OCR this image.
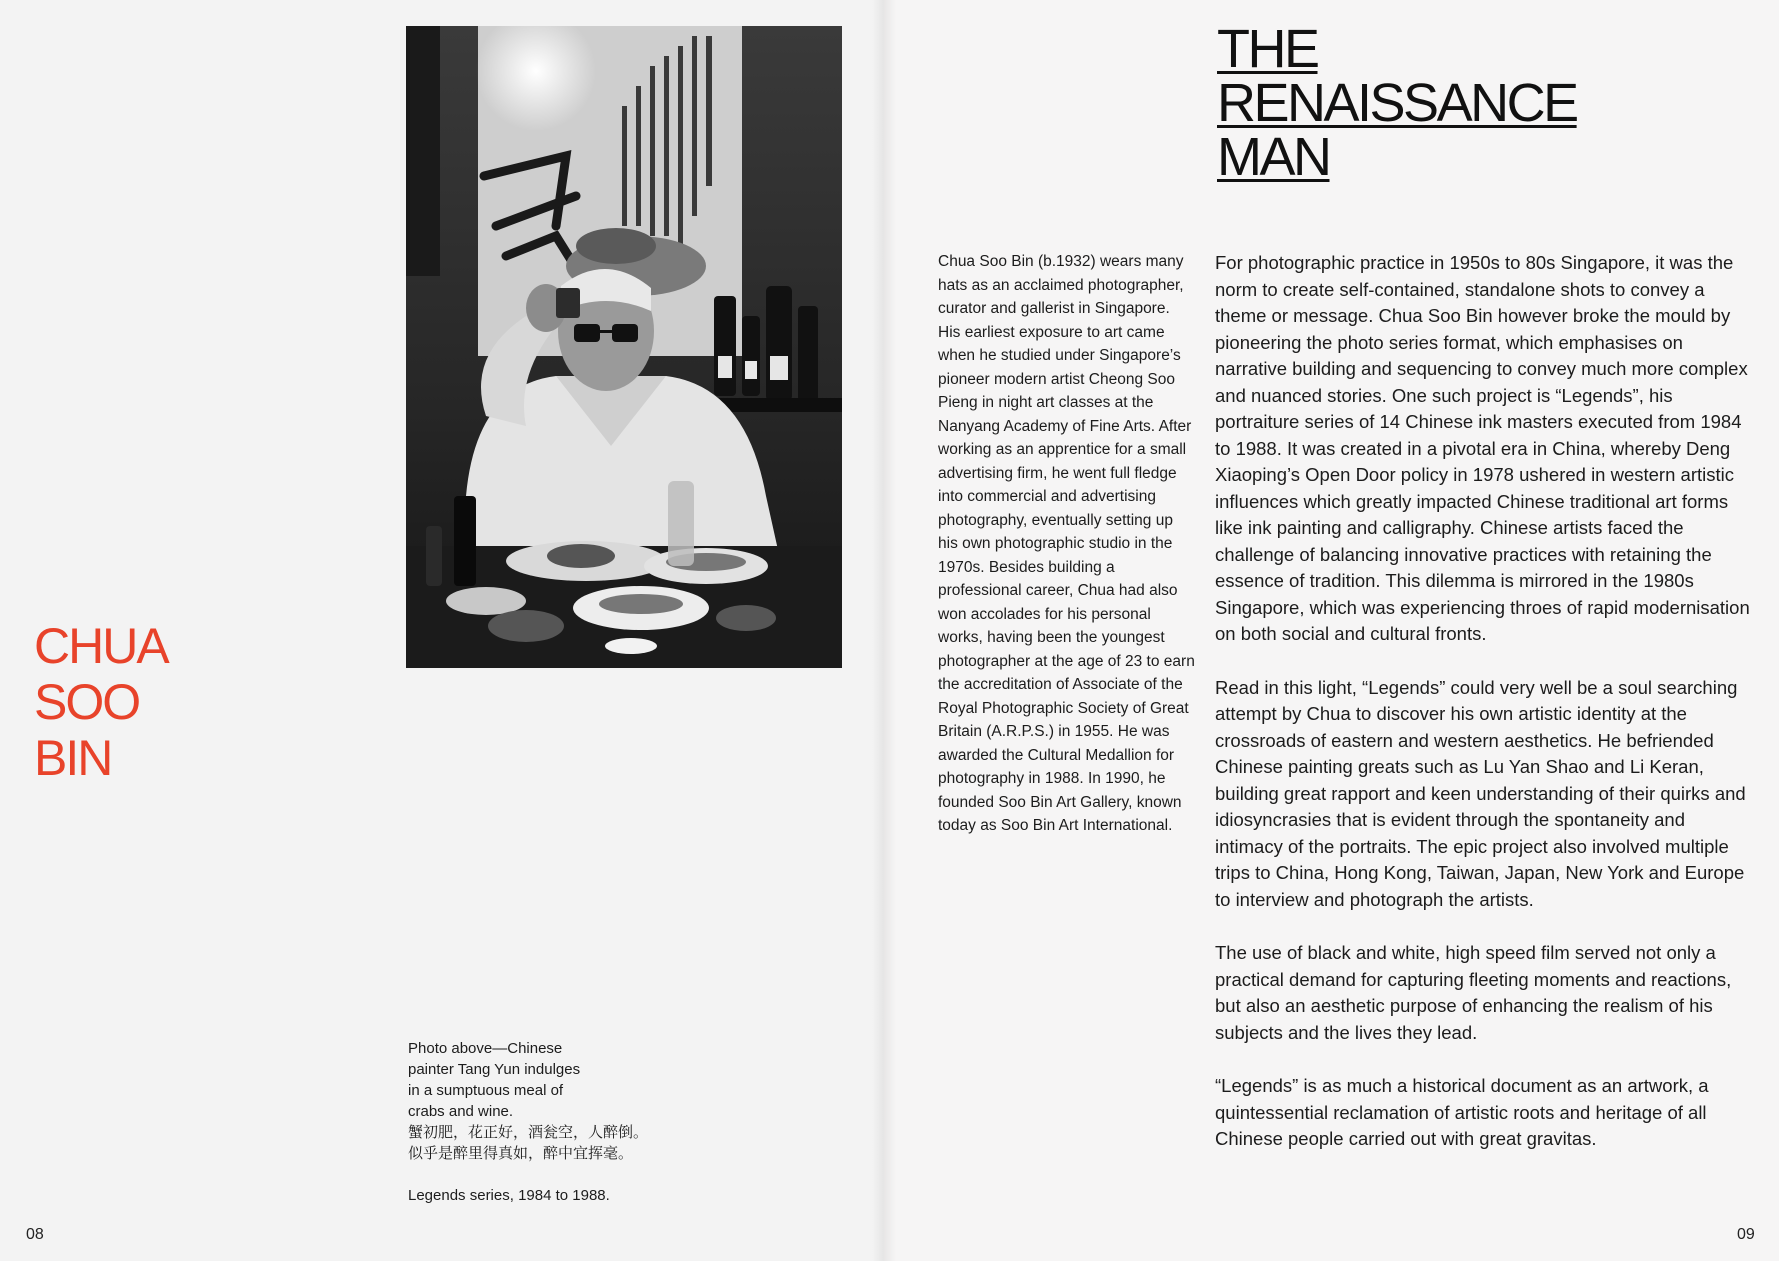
CHUA
SOO
BIN

Photo above—Chinese

painter Tang Yun indulges

in a sumptuous meal of

crabs and wine.

蟹初肥，花正好，酒瓮空，人醉倒。

似乎是醉里得真如，醉中宜挥毫。

Legends series, 1984 to 1988.

08
THE
RENAISSANCE
MAN

Chua Soo Bin (b.1932) wears many hats as an acclaimed photographer, curator and gallerist in Singapore. His earliest exposure to art came when he studied under Singapore’s pioneer modern artist Cheong Soo Pieng in night art classes at the Nanyang Academy of Fine Arts. After working as an apprentice for a small advertising firm, he went full fledge into commercial and advertising photography, eventually setting up his own photographic studio in the 1970s. Besides building a professional career, Chua had also won accolades for his personal works, having been the youngest photographer at the age of 23 to earn the accreditation of Associate of the Royal Photographic Society of Great Britain (A.R.P.S.) in 1955. He was awarded the Cultural Medallion for photography in 1988. In 1990, he founded Soo Bin Art Gallery, known today as Soo Bin Art International.

For photographic practice in 1950s to 80s Singapore, it was the norm to create self-contained, standalone shots to convey a theme or message. Chua Soo Bin however broke the mould by pioneering the photo series format, which emphasises on narrative building and sequencing to convey much more complex and nuanced stories. One such project is “Legends”, his portraiture series of 14 Chinese ink masters executed from 1984 to 1988. It was created in a pivotal era in China, whereby Deng Xiaoping’s Open Door policy in 1978 ushered in western artistic influences which greatly impacted Chinese traditional art forms like ink painting and calligraphy. Chinese artists faced the challenge of balancing innovative practices with retaining the essence of tradition. This dilemma is mirrored in the 1980s Singapore, which was experiencing throes of rapid modernisation on both social and cultural fronts.

Read in this light, “Legends” could very well be a soul searching attempt by Chua to discover his own artistic identity at the crossroads of eastern and western aesthetics. He befriended Chinese painting greats such as Lu Yan Shao and Li Keran, building great rapport and keen understanding of their quirks and idiosyncrasies that is evident through the spontaneity and intimacy of the portraits. The epic project also involved multiple trips to China, Hong Kong, Taiwan, Japan, New York and Europe to interview and photograph the artists.

The use of black and white, high speed film served not only a practical demand for capturing fleeting moments and reactions, but also an aesthetic purpose of enhancing the realism of his subjects and the lives they lead.

“Legends” is as much a historical document as an artwork, a quintessential reclamation of artistic roots and heritage of all Chinese people carried out with great gravitas.

09
